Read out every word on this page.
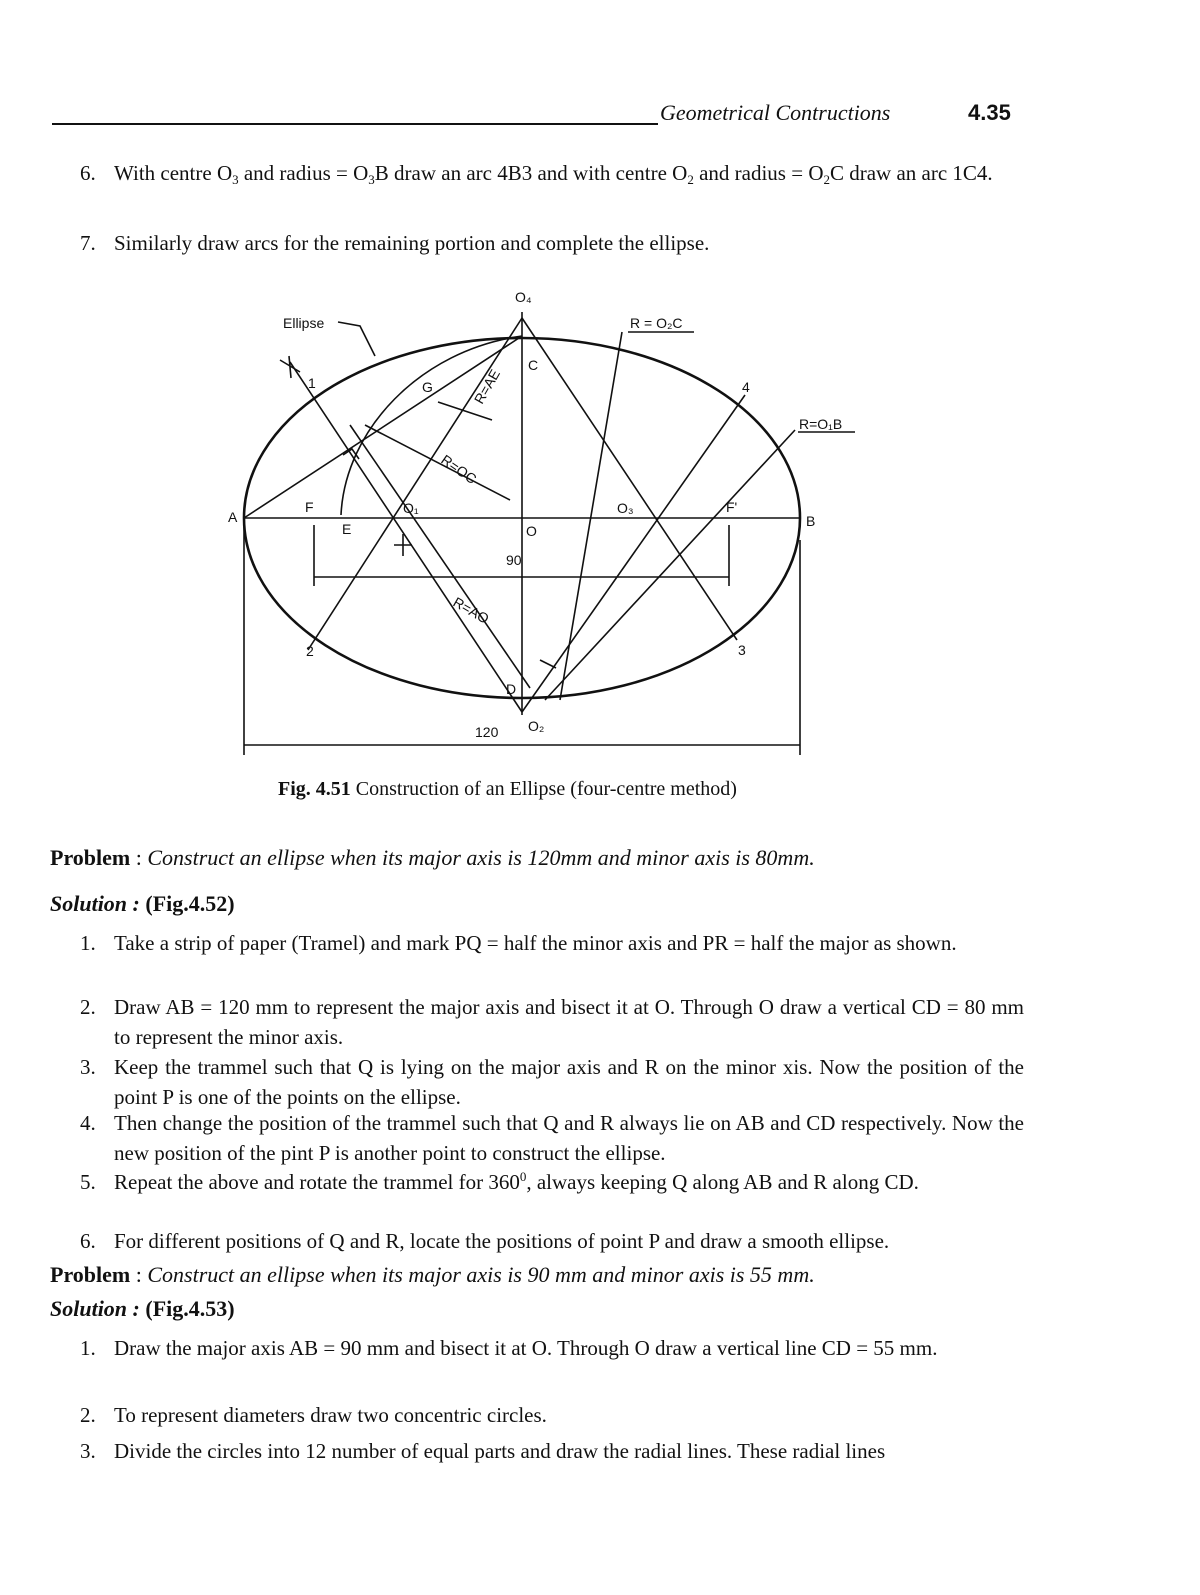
Geometrical Contructions	4.35
6. With centre $O_3$ and radius = $O_3B$ draw an arc 4B3 and with centre $O_2$ and radius = $O_2C$ draw an arc 1C4.
7. Similarly draw arcs for the remaining portion and complete the ellipse.
O₄
Ellipse	R = O₂C
R=O₁B
C
G	R=AE
R=OC
1
2	3
4
A	B
F	F'
E
O₁	O₃
O
90
R=AO
D
O₂
120
Fig. 4.51 Construction of an Ellipse (four-centre method)
Problem : Construct an ellipse when its major axis is 120mm and minor axis is 80mm.
Solution : (Fig.4.52)
1. Take a strip of paper (Tramel) and mark PQ = half the minor axis and PR = half the major as shown.
2. Draw AB = 120 mm to represent the major axis and bisect it at O. Through O draw a vertical CD = 80 mm to represent the minor axis.
3. Keep the trammel such that Q is lying on the major axis and R on the minor xis. Now the position of the point P is one of the points on the ellipse.
4. Then change the position of the trammel such that Q and R always lie on AB and CD respectively. Now the new position of the pint P is another point to construct the ellipse.
5. Repeat the above and rotate the trammel for $360^0$, always keeping Q along AB and R along CD.
6. For different positions of Q and R, locate the positions of point P and draw a smooth ellipse.
Problem : Construct an ellipse when its major axis is 90 mm and minor axis is 55 mm.
Solution : (Fig.4.53)
1. Draw the major axis AB = 90 mm and bisect it at O. Through O draw a vertical line CD = 55 mm.
2. To represent diameters draw two concentric circles.
3. Divide the circles into 12 number of equal parts and draw the radial lines. These radial lines
